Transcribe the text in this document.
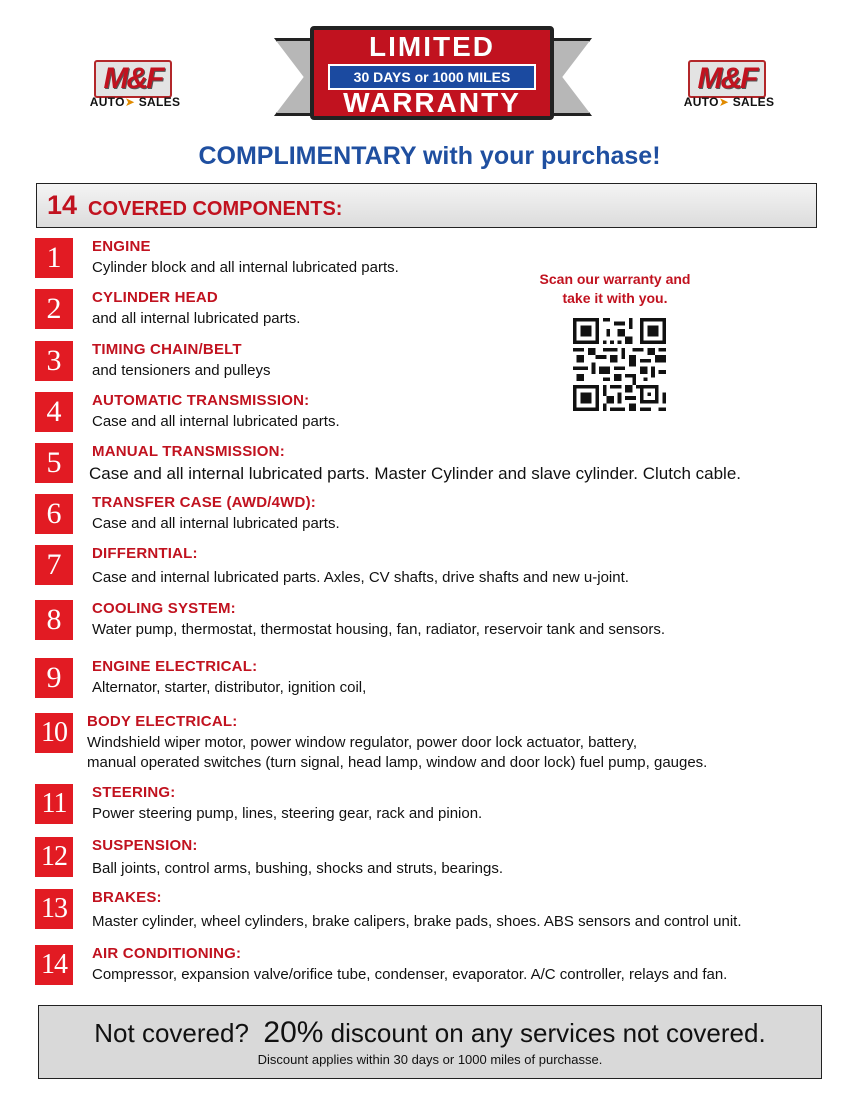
M&F
AUTO➤ SALES
M&F
AUTO➤ SALES
LIMITED
30 DAYS or 1000 MILES
WARRANTY
COMPLIMENTARY with your purchase!
14 COVERED COMPONENTS:
Scan our warranty and
take it with you.
1	ENGINE
Cylinder block and all internal lubricated parts.
2	CYLINDER HEAD
and all internal lubricated parts.
3	TIMING CHAIN/BELT
and tensioners and pulleys
4	AUTOMATIC TRANSMISSION:
Case and all internal lubricated parts.
5	MANUAL TRANSMISSION:
Case and all internal lubricated parts. Master Cylinder and slave cylinder. Clutch cable.
6	TRANSFER CASE (AWD/4WD):
Case and all internal lubricated parts.
7	DIFFERNTIAL:
Case and internal lubricated parts. Axles, CV shafts, drive shafts and new u-joint.
8	COOLING SYSTEM:
Water pump, thermostat, thermostat housing, fan, radiator, reservoir tank and sensors.
9	ENGINE ELECTRICAL:
Alternator, starter, distributor, ignition coil,
10	BODY ELECTRICAL:
Windshield wiper motor, power window regulator, power door lock actuator, battery,
manual operated switches (turn signal, head lamp, window and door lock) fuel pump, gauges.
11	STEERING:
Power steering pump, lines, steering gear, rack and pinion.
12	SUSPENSION:
Ball joints, control arms, bushing, shocks and struts, bearings.
13	BRAKES:
Master cylinder, wheel cylinders, brake calipers, brake pads, shoes. ABS sensors and control unit.
14	AIR CONDITIONING:
Compressor, expansion valve/orifice tube, condenser, evaporator. A/C controller, relays and fan.
Not covered? 20% discount on any services not covered.
Discount applies within 30 days or 1000 miles of purchasse.
